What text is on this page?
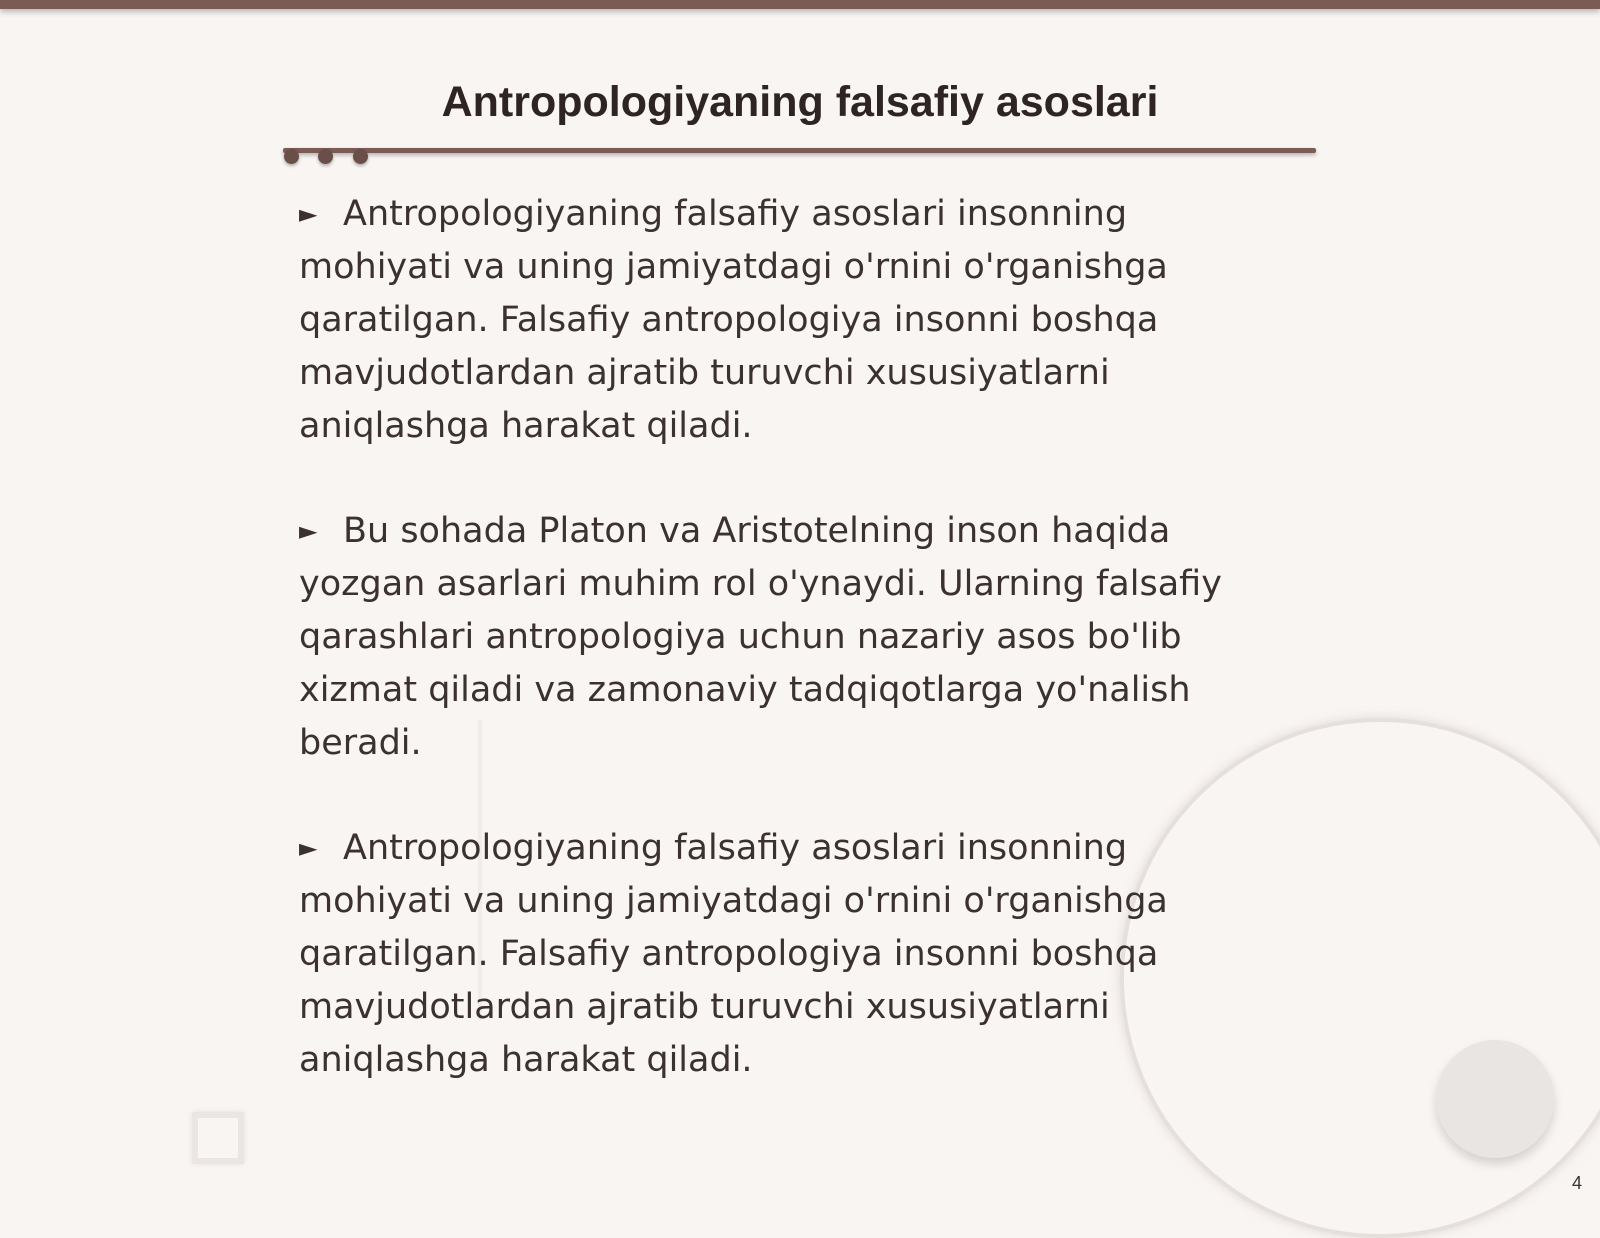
Antropologiyaning falsafiy asoslari
► Antropologiyaning falsafiy asoslari insonning mohiyati va uning jamiyatdagi o'rnini o'rganishga qaratilgan. Falsafiy antropologiya insonni boshqa mavjudotlardan ajratib turuvchi xususiyatlarni aniqlashga harakat qiladi.
► Bu sohada Platon va Aristotelning inson haqida yozgan asarlari muhim rol o'ynaydi. Ularning falsafiy qarashlari antropologiya uchun nazariy asos bo'lib xizmat qiladi va zamonaviy tadqiqotlarga yo'nalish beradi.
► Antropologiyaning falsafiy asoslari insonning mohiyati va uning jamiyatdagi o'rnini o'rganishga qaratilgan. Falsafiy antropologiya insonni boshqa mavjudotlardan ajratib turuvchi xususiyatlarni aniqlashga harakat qiladi.
4
